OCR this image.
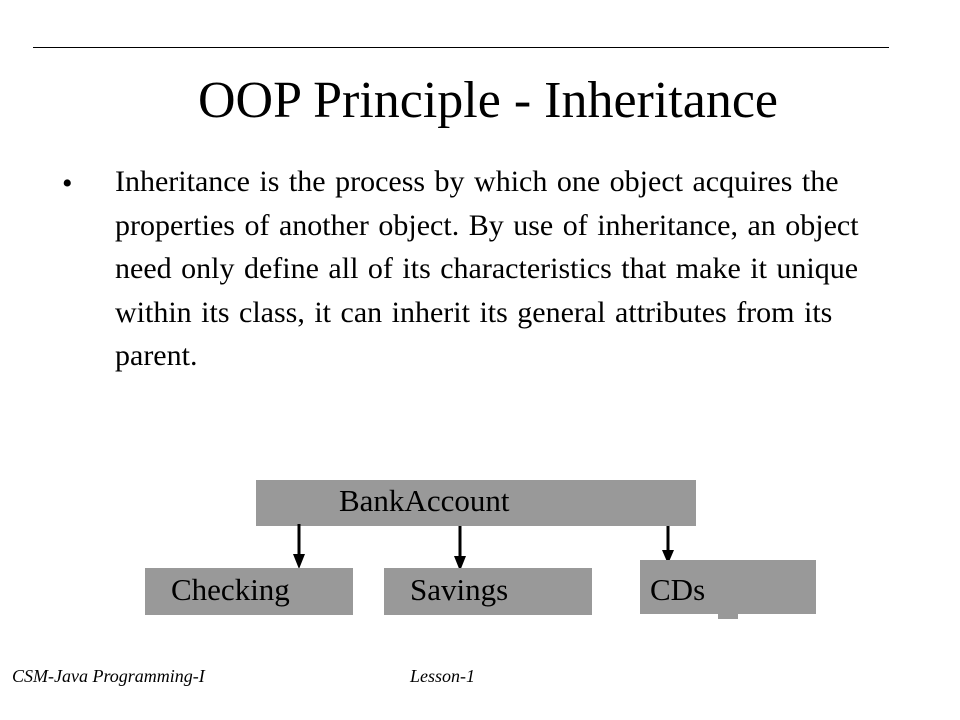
OOP Principle - Inheritance
• Inheritance is the process by which one object acquires the properties of another object. By use of inheritance, an object need only define all of its characteristics that make it unique within its class, it can inherit its general attributes from its parent.

BankAccount
Checking	Savings	CDs
CSM-Java Programming-I	Lesson-1
